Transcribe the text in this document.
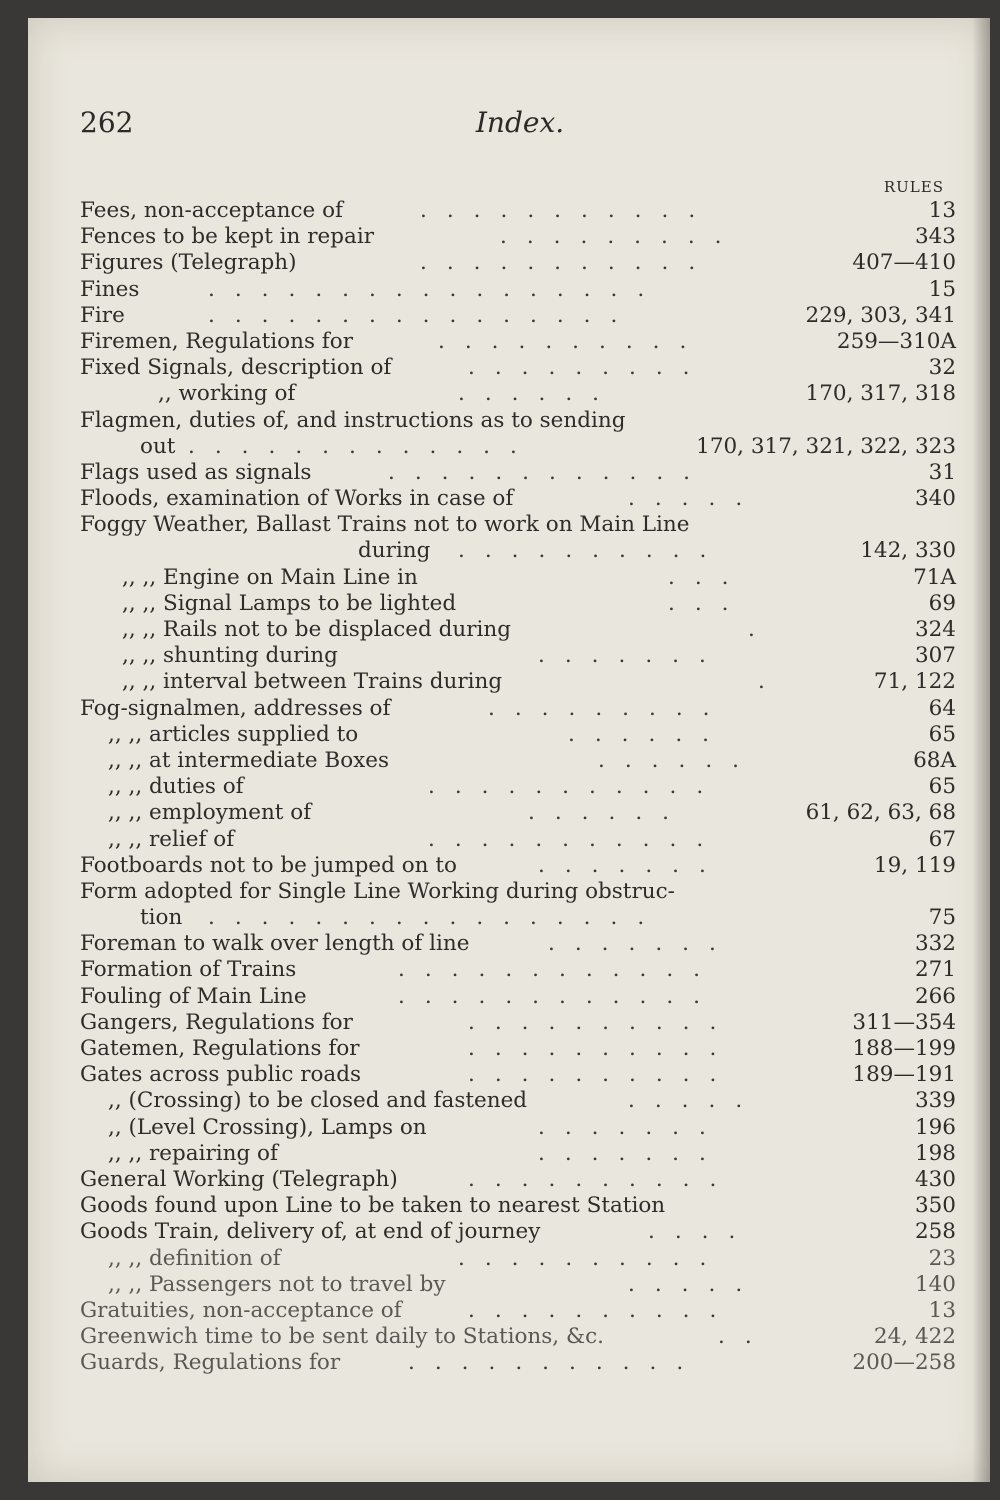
262	Index.
RULES
Fees, non-acceptance of	...........	13
Fences to be kept in repair	.........	343
Figures (Telegraph)	...........	407—410
Fines	.................	15
Fire	................	229, 303, 341
Firemen, Regulations for	..........	259—310A
Fixed Signals, description of	.........	32
,, working of	......	170, 317, 318
Flagmen, duties of, and instructions as to sending
out .............	170, 317, 321, 322, 323
Flags used as signals	............	31
Floods, examination of Works in case of	.....	340
Foggy Weather, Ballast Trains not to work on Main Line
during ..........	142, 330
,, ,, Engine on Main Line in	...	71A
,, ,, Signal Lamps to be lighted	...	69
,, ,, Rails not to be displaced during	.	324
,, ,, shunting during	.......	307
,, ,, interval between Trains during	.	71, 122
Fog-signalmen, addresses of	.........	64
,, ,, articles supplied to	......	65
,, ,, at intermediate Boxes	......	68A
,, ,, duties of	...........	65
,, ,, employment of	......	61, 62, 63, 68
,, ,, relief of	...........	67
Footboards not to be jumped on to	.......	19, 119
Form adopted for Single Line Working during obstruc-
tion .................	75
Foreman to walk over length of line	.......	332
Formation of Trains	............	271
Fouling of Main Line	............	266
Gangers, Regulations for	..........	311—354
Gatemen, Regulations for	..........	188—199
Gates across public roads	..........	189—191
,, (Crossing) to be closed and fastened	.....	339
,, (Level Crossing), Lamps on	.......	196
,, ,, repairing of	.......	198
General Working (Telegraph)	..........	430
Goods found upon Line to be taken to nearest Station	350
Goods Train, delivery of, at end of journey	....	258
,, ,, definition of	..........	23
,, ,, Passengers not to travel by	.....	140
Gratuities, non-acceptance of	..........	13
Greenwich time to be sent daily to Stations, &c.	..	24, 422
Guards, Regulations for	...........	200—258
